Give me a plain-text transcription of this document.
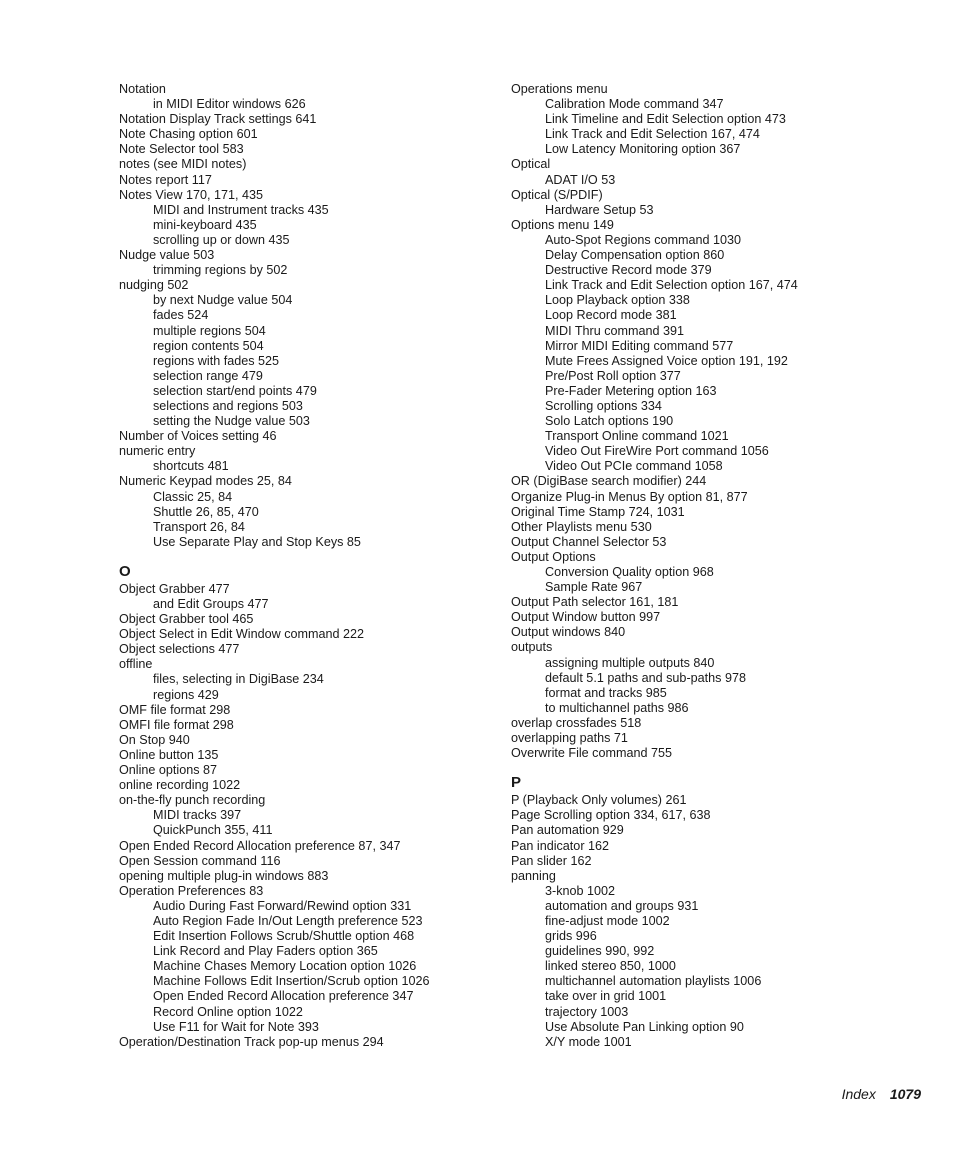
Notation
in MIDI Editor windows 626
Notation Display Track settings 641
Note Chasing option 601
Note Selector tool 583
notes (see MIDI notes)
Notes report 117
Notes View 170, 171, 435
MIDI and Instrument tracks 435
mini-keyboard 435
scrolling up or down 435
Nudge value 503
trimming regions by 502
nudging 502
by next Nudge value 504
fades 524
multiple regions 504
region contents 504
regions with fades 525
selection range 479
selection start/end points 479
selections and regions 503
setting the Nudge value 503
Number of Voices setting 46
numeric entry
shortcuts 481
Numeric Keypad modes 25, 84
Classic 25, 84
Shuttle 26, 85, 470
Transport 26, 84
Use Separate Play and Stop Keys 85
O
Object Grabber 477
and Edit Groups 477
Object Grabber tool 465
Object Select in Edit Window command 222
Object selections 477
offline
files, selecting in DigiBase 234
regions 429
OMF file format 298
OMFI file format 298
On Stop 940
Online button 135
Online options 87
online recording 1022
on-the-fly punch recording
MIDI tracks 397
QuickPunch 355, 411
Open Ended Record Allocation preference 87, 347
Open Session command 116
opening multiple plug-in windows 883
Operation Preferences 83
Audio During Fast Forward/Rewind option 331
Auto Region Fade In/Out Length preference 523
Edit Insertion Follows Scrub/Shuttle option 468
Link Record and Play Faders option 365
Machine Chases Memory Location option 1026
Machine Follows Edit Insertion/Scrub option 1026
Open Ended Record Allocation preference 347
Record Online option 1022
Use F11 for Wait for Note 393
Operation/Destination Track pop-up menus 294
Operations menu
Calibration Mode command 347
Link Timeline and Edit Selection option 473
Link Track and Edit Selection 167, 474
Low Latency Monitoring option 367
Optical
ADAT I/O 53
Optical (S/PDIF)
Hardware Setup 53
Options menu 149
Auto-Spot Regions command 1030
Delay Compensation option 860
Destructive Record mode 379
Link Track and Edit Selection option 167, 474
Loop Playback option 338
Loop Record mode 381
MIDI Thru command 391
Mirror MIDI Editing command 577
Mute Frees Assigned Voice option 191, 192
Pre/Post Roll option 377
Pre-Fader Metering option 163
Scrolling options 334
Solo Latch options 190
Transport Online command 1021
Video Out FireWire Port command 1056
Video Out PCIe command 1058
OR (DigiBase search modifier) 244
Organize Plug-in Menus By option 81, 877
Original Time Stamp 724, 1031
Other Playlists menu 530
Output Channel Selector 53
Output Options
Conversion Quality option 968
Sample Rate 967
Output Path selector 161, 181
Output Window button 997
Output windows 840
outputs
assigning multiple outputs 840
default 5.1 paths and sub-paths 978
format and tracks 985
to multichannel paths 986
overlap crossfades 518
overlapping paths 71
Overwrite File command 755
P
P (Playback Only volumes) 261
Page Scrolling option 334, 617, 638
Pan automation 929
Pan indicator 162
Pan slider 162
panning
3-knob 1002
automation and groups 931
fine-adjust mode 1002
grids 996
guidelines 990, 992
linked stereo 850, 1000
multichannel automation playlists 1006
take over in grid 1001
trajectory 1003
Use Absolute Pan Linking option 90
X/Y mode 1001
Index 1079
